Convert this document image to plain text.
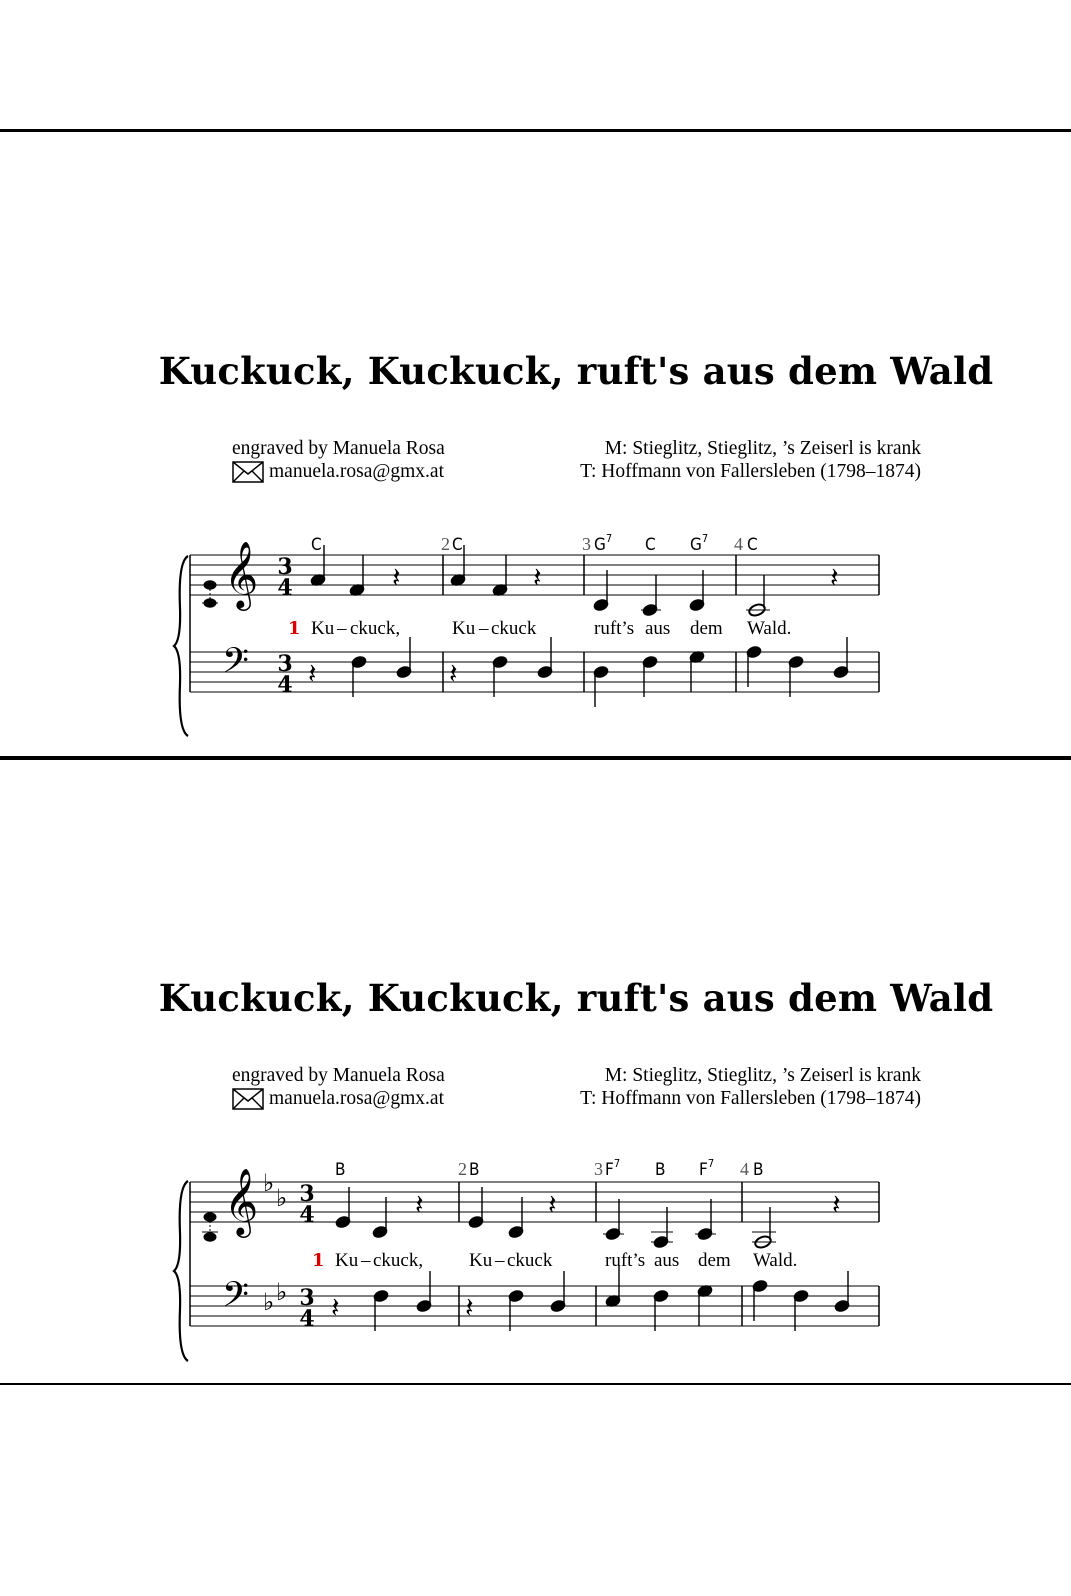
Kuckuck, Kuckuck, ruft's aus dem Wald
engraved by Manuela Rosa
manuela.rosa@gmx.at
M: Stieglitz, Stieglitz, ’s Zeiserl is krank
T: Hoffmann von Fallersleben (1798–1874)
𝄞
𝄢
3
4
3
4
2	3	4
C	C	$G^7$ C $G^7$ C
𝄽	𝄽	𝄽
1 Ku – ckuck,	Ku – ckuck	ruft’s aus dem Wald.
𝄽	𝄽
Kuckuck, Kuckuck, ruft's aus dem Wald
engraved by Manuela Rosa
manuela.rosa@gmx.at
M: Stieglitz, Stieglitz, ’s Zeiserl is krank
T: Hoffmann von Fallersleben (1798–1874)
𝄞
𝄢
♭
♭
♭ ♭
3
4
3
4
2	3	4
B	B	$F^7$ B $F^7$ B
𝄽	𝄽	𝄽
1 Ku – ckuck, Ku – ckuck	ruft’s aus dem Wald.
𝄽	𝄽
